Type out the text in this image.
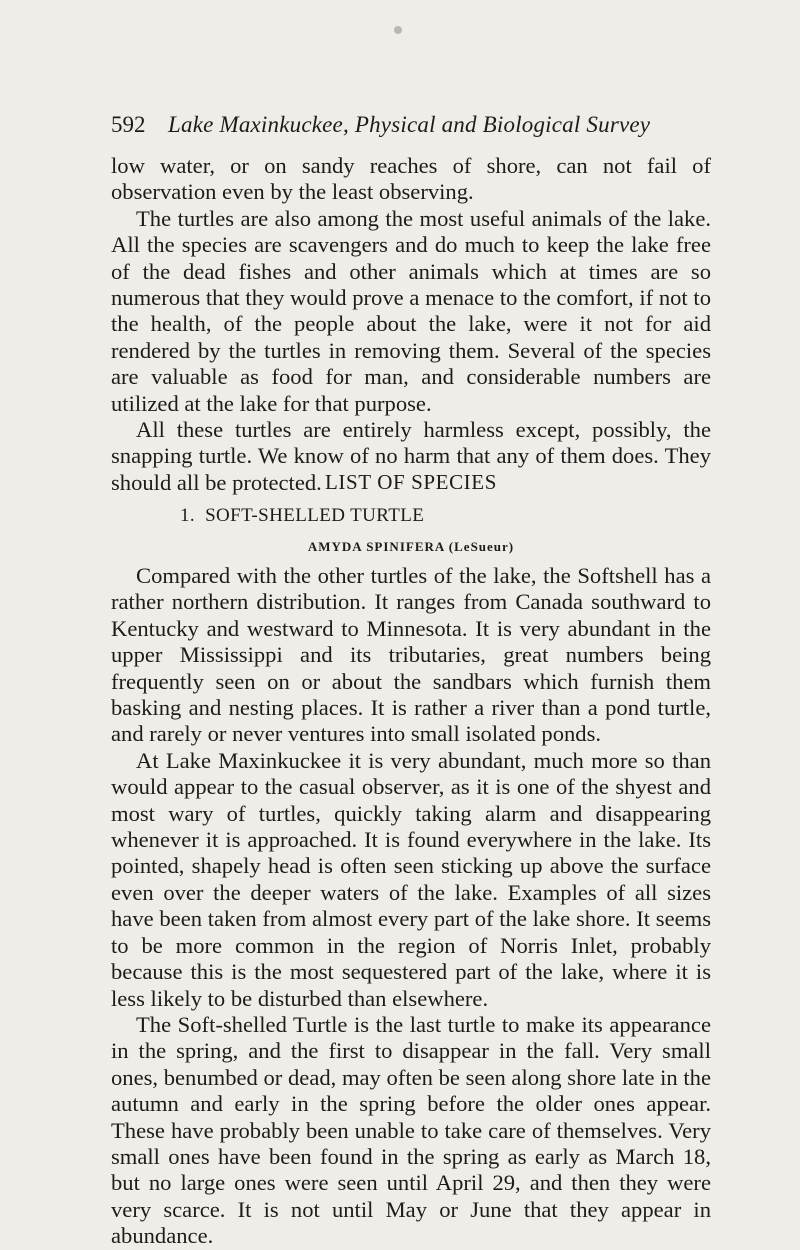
592 Lake Maxinkuckee, Physical and Biological Survey

low water, or on sandy reaches of shore, can not fail of observation even by the least observing.

The turtles are also among the most useful animals of the lake. All the species are scavengers and do much to keep the lake free of the dead fishes and other animals which at times are so numerous that they would prove a menace to the comfort, if not to the health, of the people about the lake, were it not for aid rendered by the turtles in removing them. Several of the species are valuable as food for man, and considerable numbers are utilized at the lake for that purpose.

All these turtles are entirely harmless except, possibly, the snapping turtle. We know of no harm that any of them does. They should all be protected. LIST OF SPECIES
1. SOFT-SHELLED TURTLE
AMYDA SPINIFERA (LeSueur)

Compared with the other turtles of the lake, the Softshell has a rather northern distribution. It ranges from Canada southward to Kentucky and westward to Minnesota. It is very abundant in the upper Mississippi and its tributaries, great numbers being frequently seen on or about the sandbars which furnish them basking and nesting places. It is rather a river than a pond turtle, and rarely or never ventures into small isolated ponds.

At Lake Maxinkuckee it is very abundant, much more so than would appear to the casual observer, as it is one of the shyest and most wary of turtles, quickly taking alarm and disappearing whenever it is approached. It is found everywhere in the lake. Its pointed, shapely head is often seen sticking up above the surface even over the deeper waters of the lake. Examples of all sizes have been taken from almost every part of the lake shore. It seems to be more common in the region of Norris Inlet, probably because this is the most sequestered part of the lake, where it is less likely to be disturbed than elsewhere.

The Soft-shelled Turtle is the last turtle to make its appearance in the spring, and the first to disappear in the fall. Very small ones, benumbed or dead, may often be seen along shore late in the autumn and early in the spring before the older ones appear. These have probably been unable to take care of themselves. Very small ones have been found in the spring as early as March 18, but no large ones were seen until April 29, and then they were very scarce. It is not until May or June that they appear in abundance.
